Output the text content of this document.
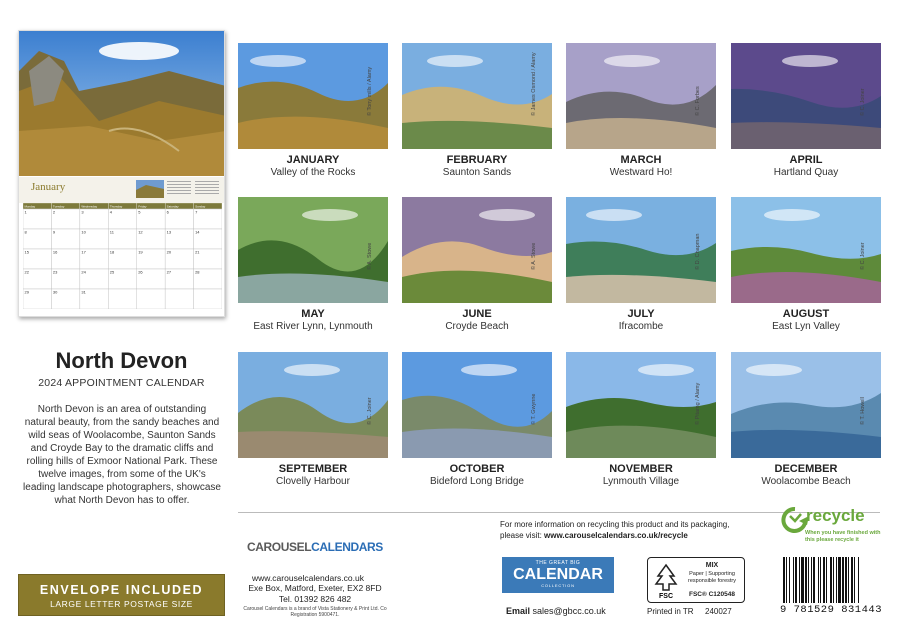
January
Monday	Tuesday	Wednesday	Thursday	Friday	Saturday	Sunday
1	2	3	4	5	6	7
8	9	10	11	12	13	14
15	16	17	18	19	20	21
22	23	24	25	26	27	28
29	30	31
North Devon
2024 APPOINTMENT CALENDAR
North Devon is an area of outstanding natural beauty, from the sandy beaches and wild seas of Woolacombe, Saunton Sands and Croyde Bay to the dramatic cliffs and rolling hills of Exmoor National Park. These twelve images, from some of the UK's leading landscape photographers, showcase what North Devon has to offer.
ENVELOPE INCLUDED
LARGE LETTER POSTAGE SIZE
© Tony mills / Alamy
JANUARY
Valley of the Rocks
© James Osmond / Alamy
FEBRUARY
Saunton Sands
© C. Forbes
MARCH
Westward Ho!
© C. Joiner
APRIL
Hartland Quay
© A. Stowe
MAY
East River Lynn, Lynmouth
© A. Stowe
JUNE
Croyde Beach
© D. Chapman
JULY
Ifracombe
© C. Joiner
AUGUST
East Lyn Valley
© C. Joiner
SEPTEMBER
Clovelly Harbour
© T. Gwynne
OCTOBER
Bideford Long Bridge
© Pitamg / Alamy
NOVEMBER
Lynmouth Village
© T. Howell
DECEMBER
Woolacombe Beach
CAROUSELCALENDARS
www.carouselcalendars.co.uk
Exe Box, Matford, Exeter, EX2 8FD
Tel. 01392 826 482
Carousel Calendars is a brand of Vista Stationery & Print Ltd. Co Registration 5900471.
For more information on recycling this product and its packaging,
please visit: www.carouselcalendars.co.uk/recycle
THE GREAT BIG
CALENDAR
COLLECTION
FSC
MIX
Paper | Supporting responsible forestry
FSC® C120548
Email sales@gbcc.co.uk	Printed in TR 240027
recycle
When you have finished with this please recycle it
9 781529 831443
